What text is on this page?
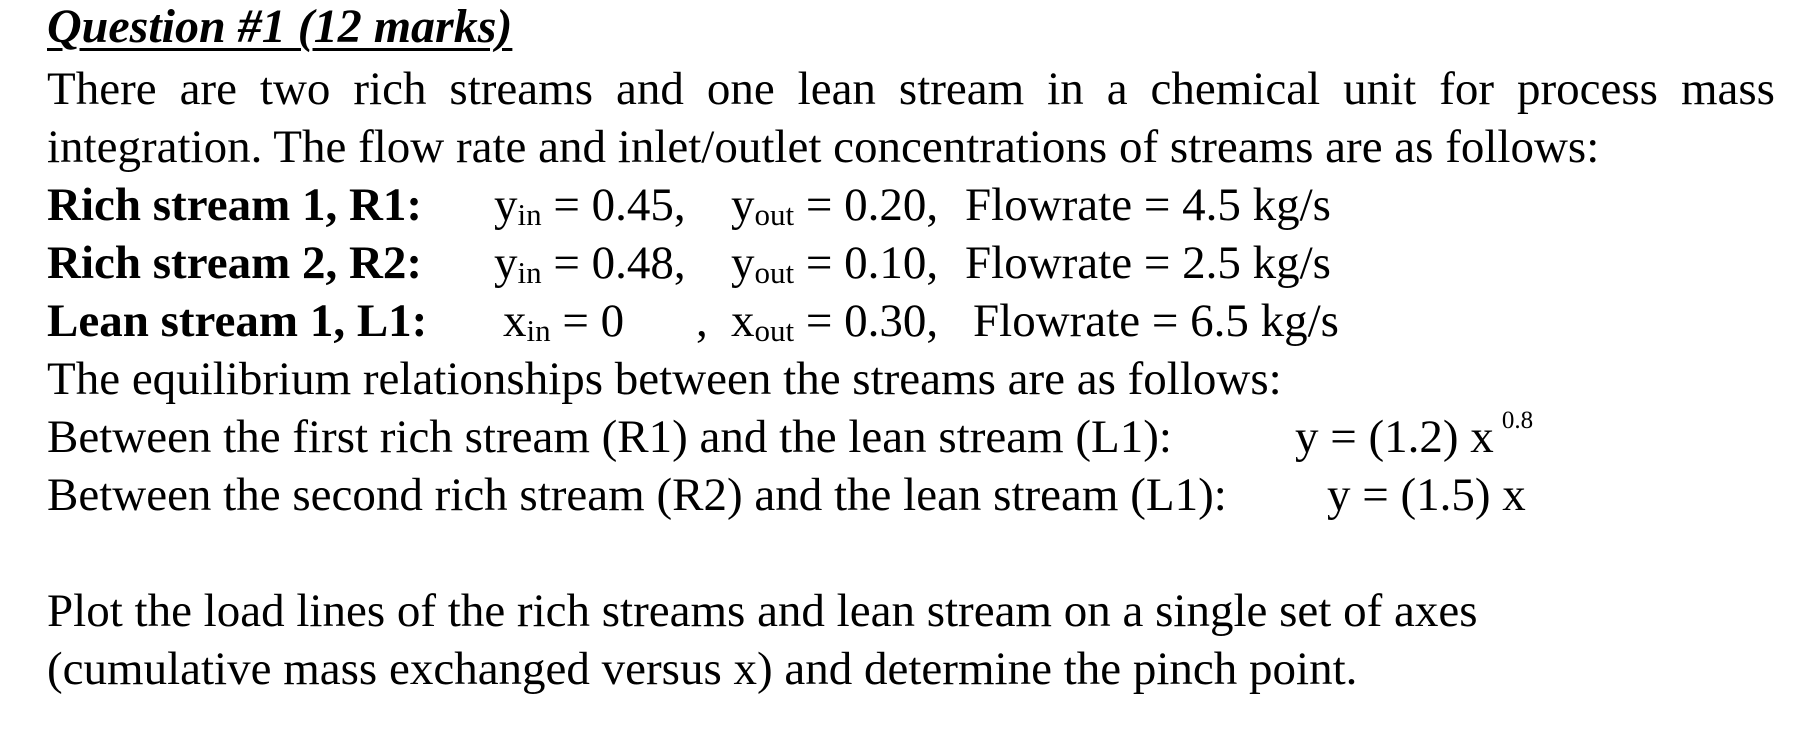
Question #1 (12 marks)
There are two rich streams and one lean stream in a chemical unit for process mass
integration. The flow rate and inlet/outlet concentrations of streams are as follows:
Rich stream 1, R1: $y_{in} = 0.45$, $y_{out} = 0.20$, Flowrate = 4.5 kg/s
Rich stream 2, R2: $y_{in} = 0.48$, $y_{out} = 0.10$, Flowrate = 2.5 kg/s
Lean stream 1, L1: $x_{in} = 0$ , $x_{out} = 0.30$, Flowrate = 6.5 kg/s
The equilibrium relationships between the streams are as follows:
Between the first rich stream (R1) and the lean stream (L1):	y = (1.2) x $^{0.8}$
Between the second rich stream (R2) and the lean stream (L1): y = (1.5) x
Plot the load lines of the rich streams and lean stream on a single set of axes
(cumulative mass exchanged versus x) and determine the pinch point.
